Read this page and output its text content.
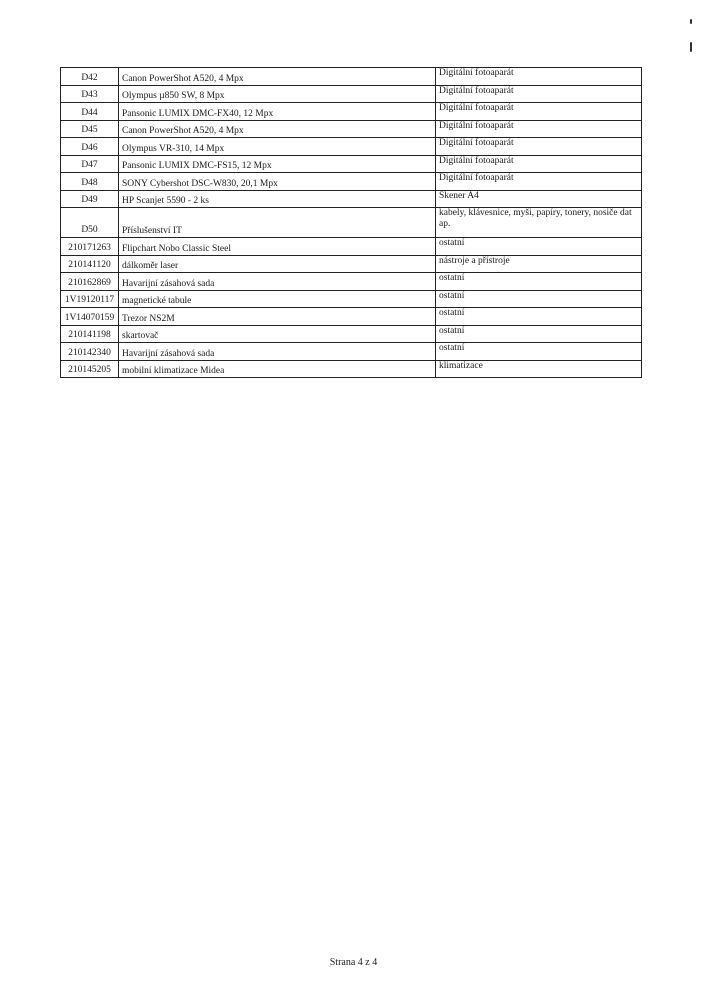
D42	Canon PowerShot A520, 4 Mpx	Digitální fotoaparát
D43	Olympus µ850 SW, 8 Mpx	Digitální fotoaparát
D44	Pansonic LUMIX DMC-FX40, 12 Mpx	Digitální fotoaparát
D45	Canon PowerShot A520, 4 Mpx	Digitální fotoaparát
D46	Olympus VR-310, 14 Mpx	Digitální fotoaparát
D47	Pansonic LUMIX DMC-FS15, 12 Mpx	Digitální fotoaparát
D48	SONY Cybershot DSC-W830, 20,1 Mpx	Digitální fotoaparát
D49	HP Scanjet 5590 - 2 ks	Skener A4
D50	Příslušenství IT	kabely, klávesnice, myši, papíry, tonery, nosiče dat ap.
210171263	Flipchart Nobo Classic Steel	ostatní
210141120	dálkoměr laser	nástroje a přístroje
210162869	Havarijní zásahová sada	ostatní
1V19120117	magnetické tabule	ostatní
1V14070159	Trezor NS2M	ostatní
210141198	skartovač	ostatní
210142340	Havarijní zásahová sada	ostatní
210145205	mobilní klimatizace Midea	klimatizace
Strana 4 z 4
